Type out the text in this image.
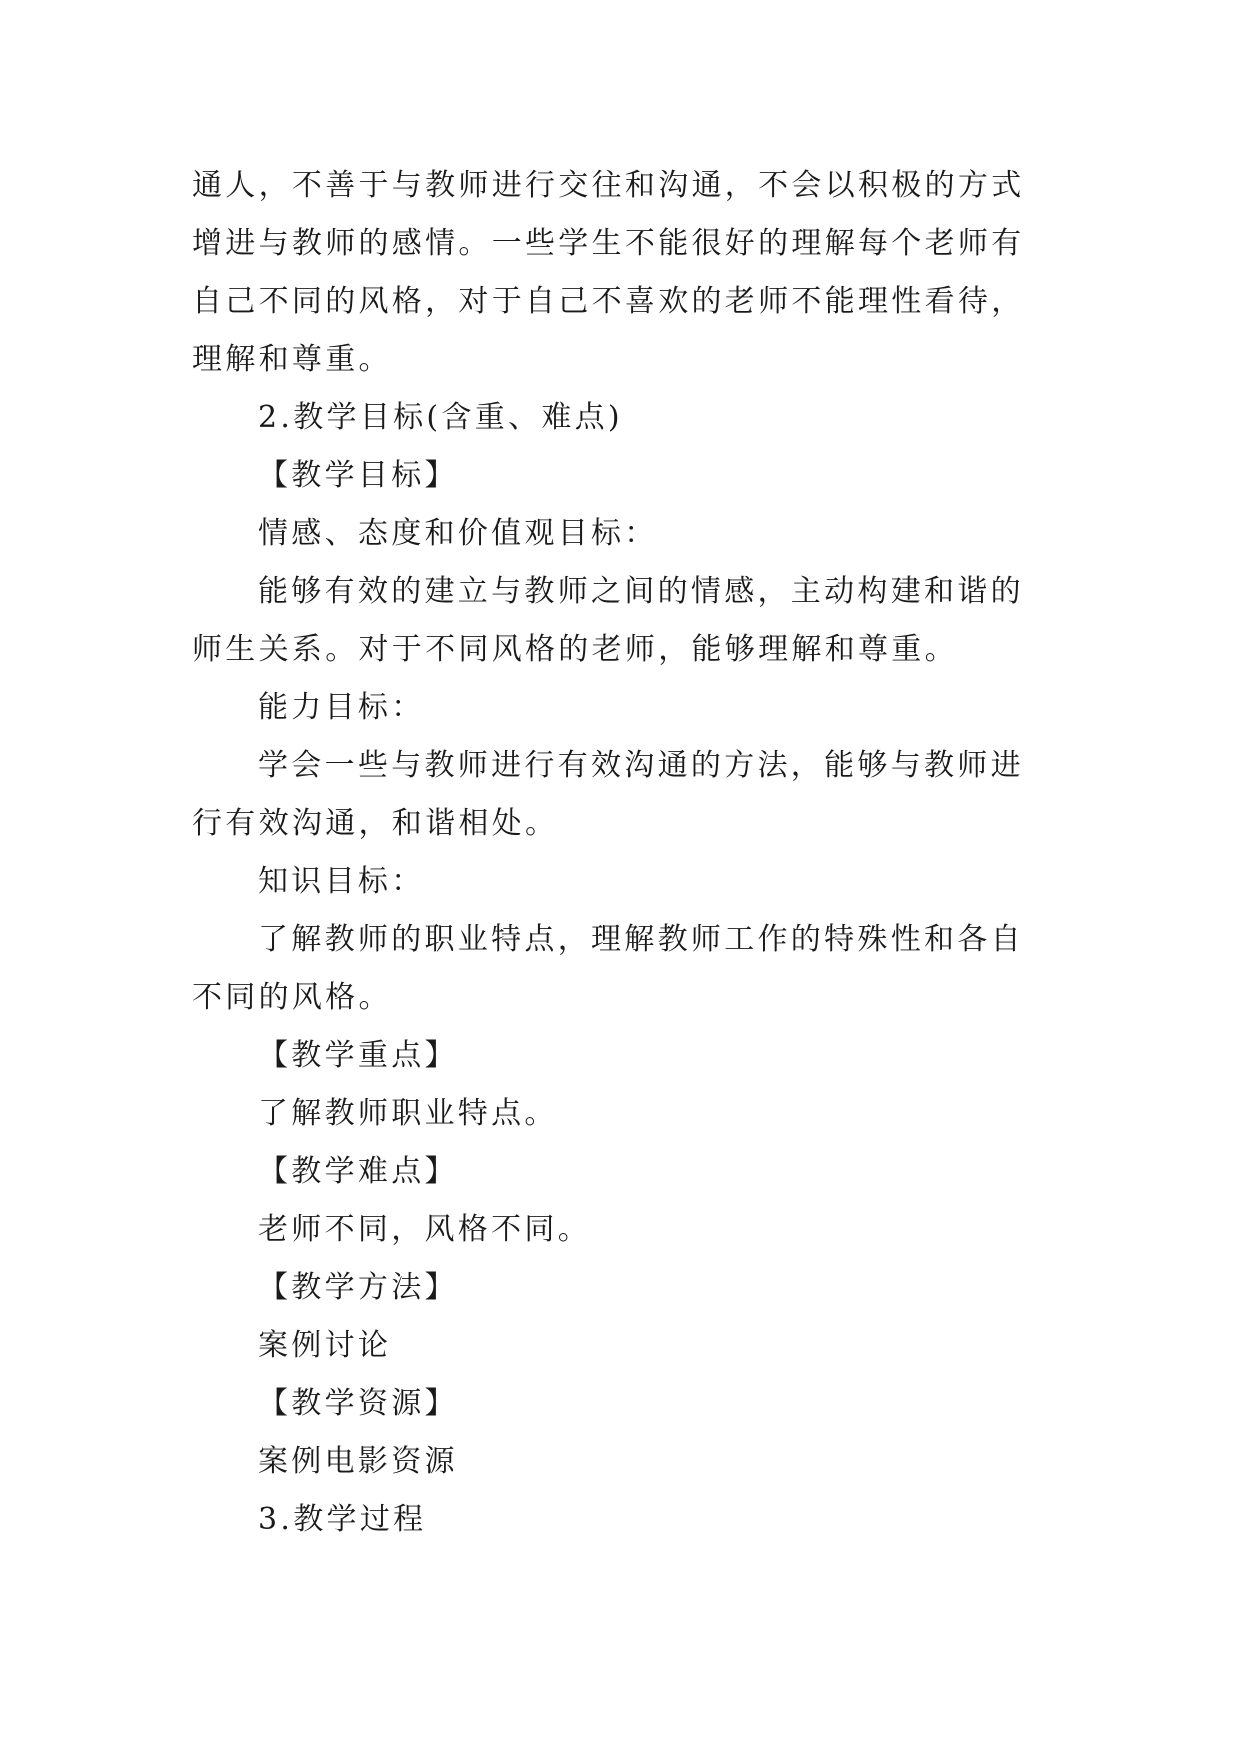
通人，不善于与教师进行交往和沟通，不会以积极的方式增进与教师的感情。一些学生不能很好的理解每个老师有自己不同的风格，对于自己不喜欢的老师不能理性看待，理解和尊重。

2.教学目标(含重、难点)

【教学目标】

情感、态度和价值观目标：

能够有效的建立与教师之间的情感，主动构建和谐的师生关系。对于不同风格的老师，能够理解和尊重。

能力目标：

学会一些与教师进行有效沟通的方法，能够与教师进行有效沟通，和谐相处。

知识目标：

了解教师的职业特点，理解教师工作的特殊性和各自不同的风格。

【教学重点】

了解教师职业特点。

【教学难点】

老师不同，风格不同。

【教学方法】

案例讨论

【教学资源】

案例电影资源

3.教学过程
